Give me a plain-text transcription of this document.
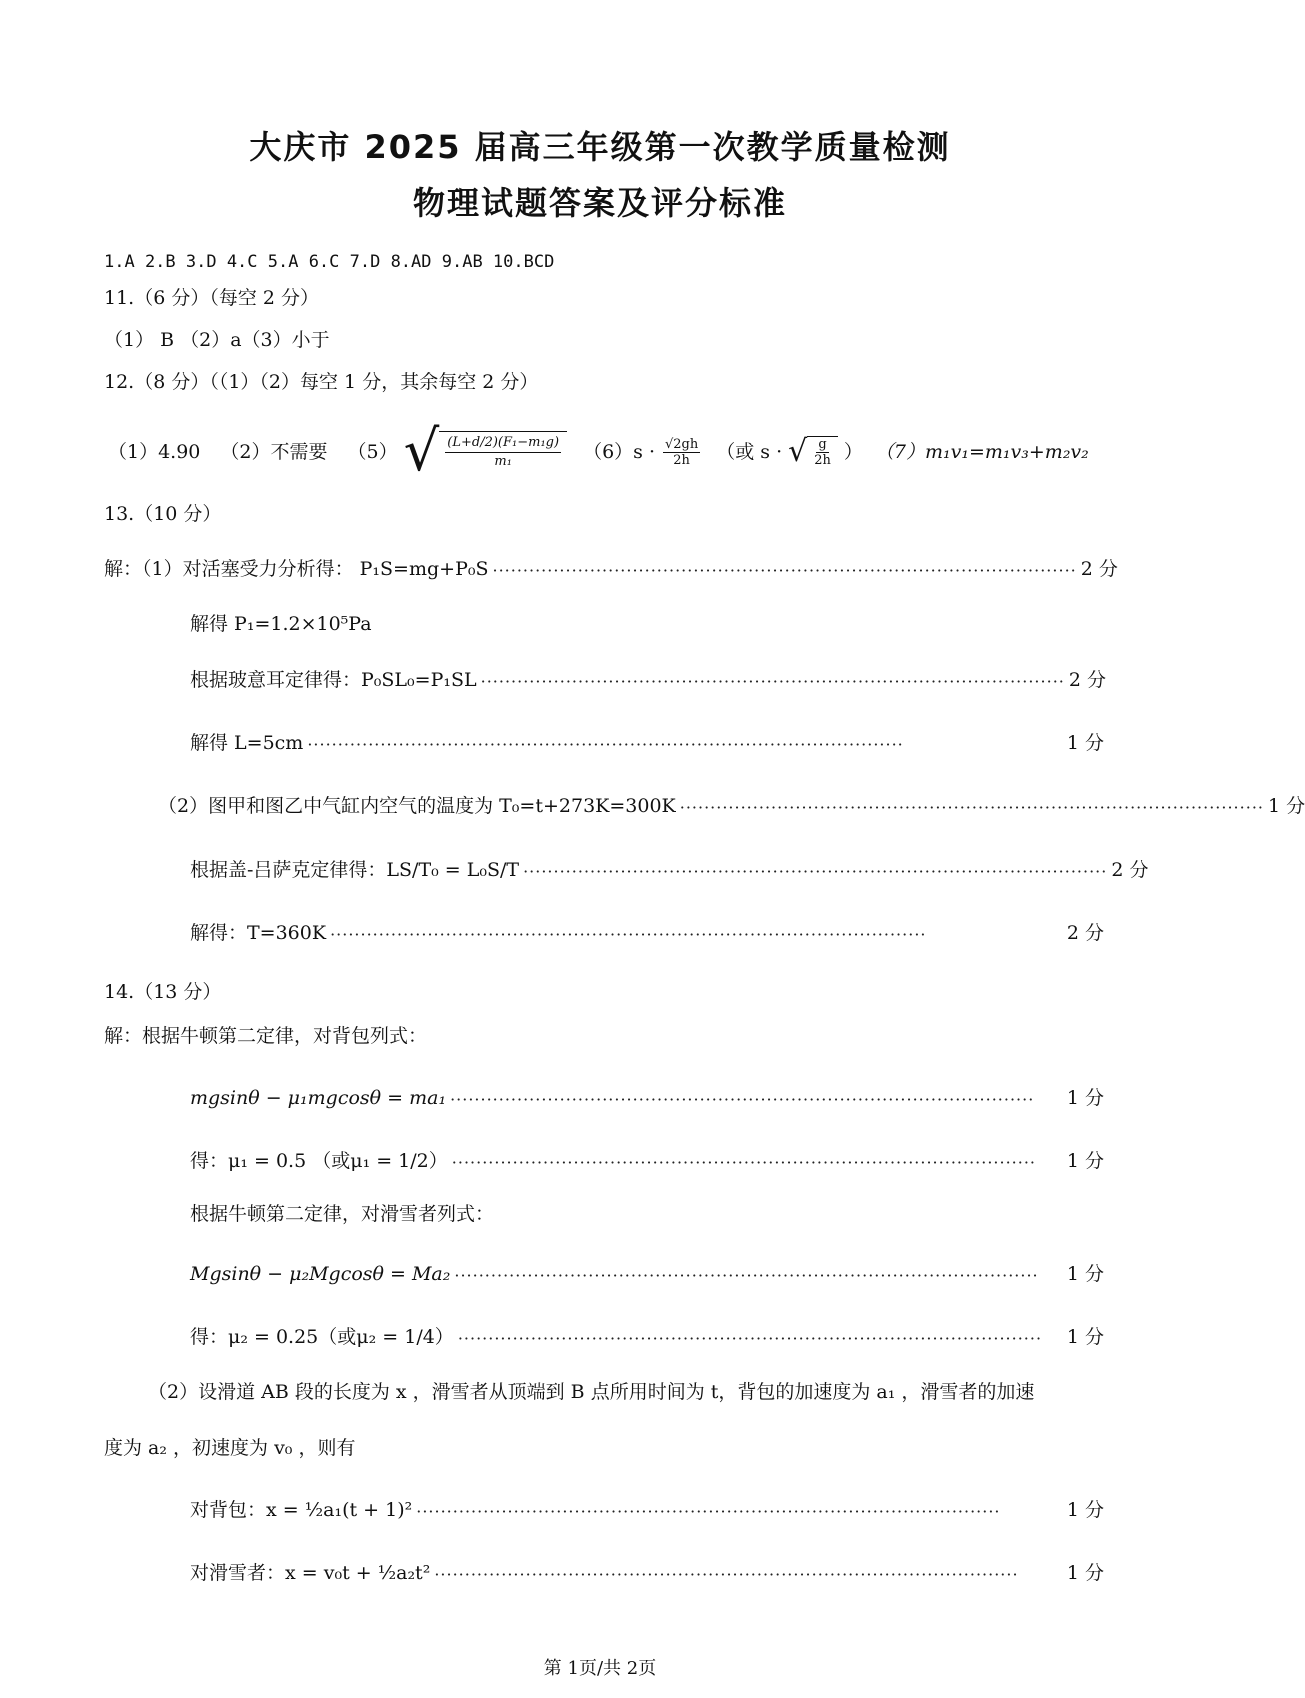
大庆市 2025 届高三年级第一次教学质量检测
物理试题答案及评分标准
1.A 2.B 3.D 4.C 5.A 6.C 7.D 8.AD 9.AB 10.BCD
11.（6 分）（每空 2 分）
（1） B （2）a（3）小于
12.（8 分）（（1）（2）每空 1 分，其余每空 2 分）
（1）4.90 （2）不需要 （5） √ $\frac{\text{(L+d/2)(F₁−m₁g)}}{\text{m₁}} (6)s \cdot \frac{√2gh}{2h}$ （或 s · √ $\frac{g}{2h}$ ） （7）m₁v₁=m₁v₃+m₂v₂
13.（10 分）
解：（1）对活塞受力分析得： P₁S=mg+P₀S ································································································ 2 分
解得 P₁=1.2×10⁵Pa
根据玻意耳定律得：P₀SL₀=P₁SL ································································································ 2 分
解得 L=5cm ··································································································	1 分
（2）图甲和图乙中气缸内空气的温度为 T₀=t+273K=300K ································································································ 1 分
根据盖-吕萨克定律得：LS/T₀ = L₀S/T ································································································ 2 分
解得：T=360K ··································································································	2 分
14.（13 分）
解：根据牛顿第二定律，对背包列式：
mgsinθ − μ₁mgcosθ = ma₁ ································································································	1 分
得：μ₁ = 0.5 （或μ₁ = 1/2） ································································································	1 分
根据牛顿第二定律，对滑雪者列式：
Mgsinθ − μ₂Mgcosθ = Ma₂ ································································································	1 分
得：μ₂ = 0.25（或μ₂ = 1/4） ································································································	1 分
（2）设滑道 AB 段的长度为 x ，滑雪者从顶端到 B 点所用时间为 t，背包的加速度为 a₁ ，滑雪者的加速
度为 a₂ ，初速度为 v₀ ，则有
对背包：x = ½a₁(t + 1)² ································································································	1 分
对滑雪者：x = v₀t + ½a₂t² ································································································	1 分
第 1页/共 2页
